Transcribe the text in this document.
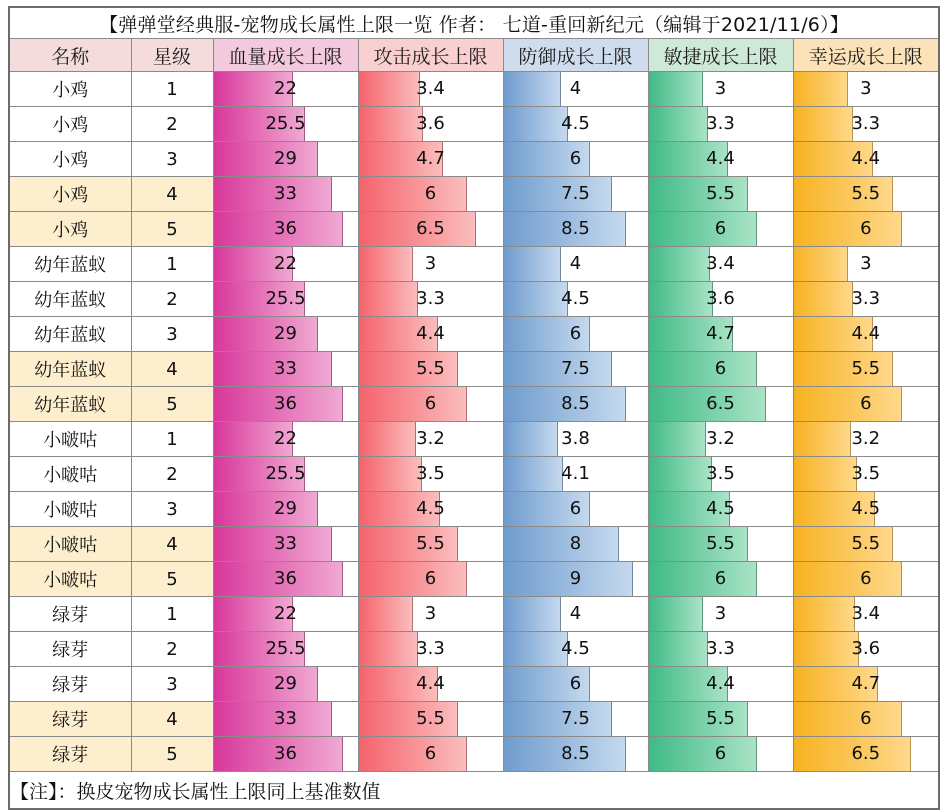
【弹弹堂经典服-宠物成长属性上限一览 作者： 七道-重回新纪元（编辑于2021/11/6）】						
名称	星级	血量成长上限	攻击成长上限	防御成长上限	敏捷成长上限	幸运成长上限
小鸡	1	22	3.4	4	3	3

小鸡	2	25.5	3.6	4.5	3.3	3.3

小鸡	3	29	4.7	6	4.4	4.4

小鸡	4	33	6	7.5	5.5	5.5

小鸡	5	36	6.5	8.5	6	6

幼年蓝蚁	1	22	3	4	3.4	3

幼年蓝蚁	2	25.5	3.3	4.5	3.6	3.3

幼年蓝蚁	3	29	4.4	6	4.7	4.4

幼年蓝蚁	4	33	5.5	7.5	6	5.5

幼年蓝蚁	5	36	6	8.5	6.5	6

小啵咕	1	22	3.2	3.8	3.2	3.2

小啵咕	2	25.5	3.5	4.1	3.5	3.5

小啵咕	3	29	4.5	6	4.5	4.5

小啵咕	4	33	5.5	8	5.5	5.5

小啵咕	5	36	6	9	6	6

绿芽	1	22	3	4	3	3.4

绿芽	2	25.5	3.3	4.5	3.3	3.6

绿芽	3	29	4.4	6	4.4	4.7

绿芽	4	33	5.5	7.5	5.5	6

绿芽	5	36	6	8.5	6	6.5

【注】：换皮宠物成长属性上限同上基准数值						
